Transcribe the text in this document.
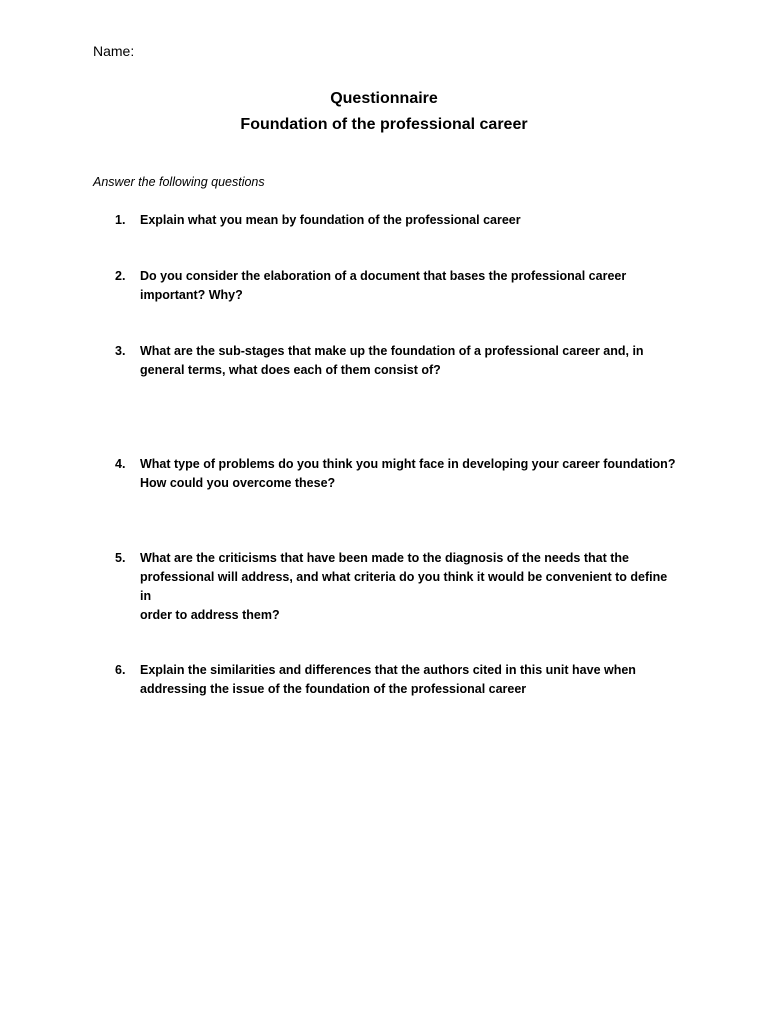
Name:
Questionnaire
Foundation of the professional career
Answer the following questions
1.	Explain what you mean by foundation of the professional career
2.	Do you consider the elaboration of a document that bases the professional career
important? Why?
3.	What are the sub-stages that make up the foundation of a professional career and, in
general terms, what does each of them consist of?
4.	What type of problems do you think you might face in developing your career foundation?
How could you overcome these?
5.	What are the criticisms that have been made to the diagnosis of the needs that the
professional will address, and what criteria do you think it would be convenient to define in
order to address them?
6.	Explain the similarities and differences that the authors cited in this unit have when
addressing the issue of the foundation of the professional career
